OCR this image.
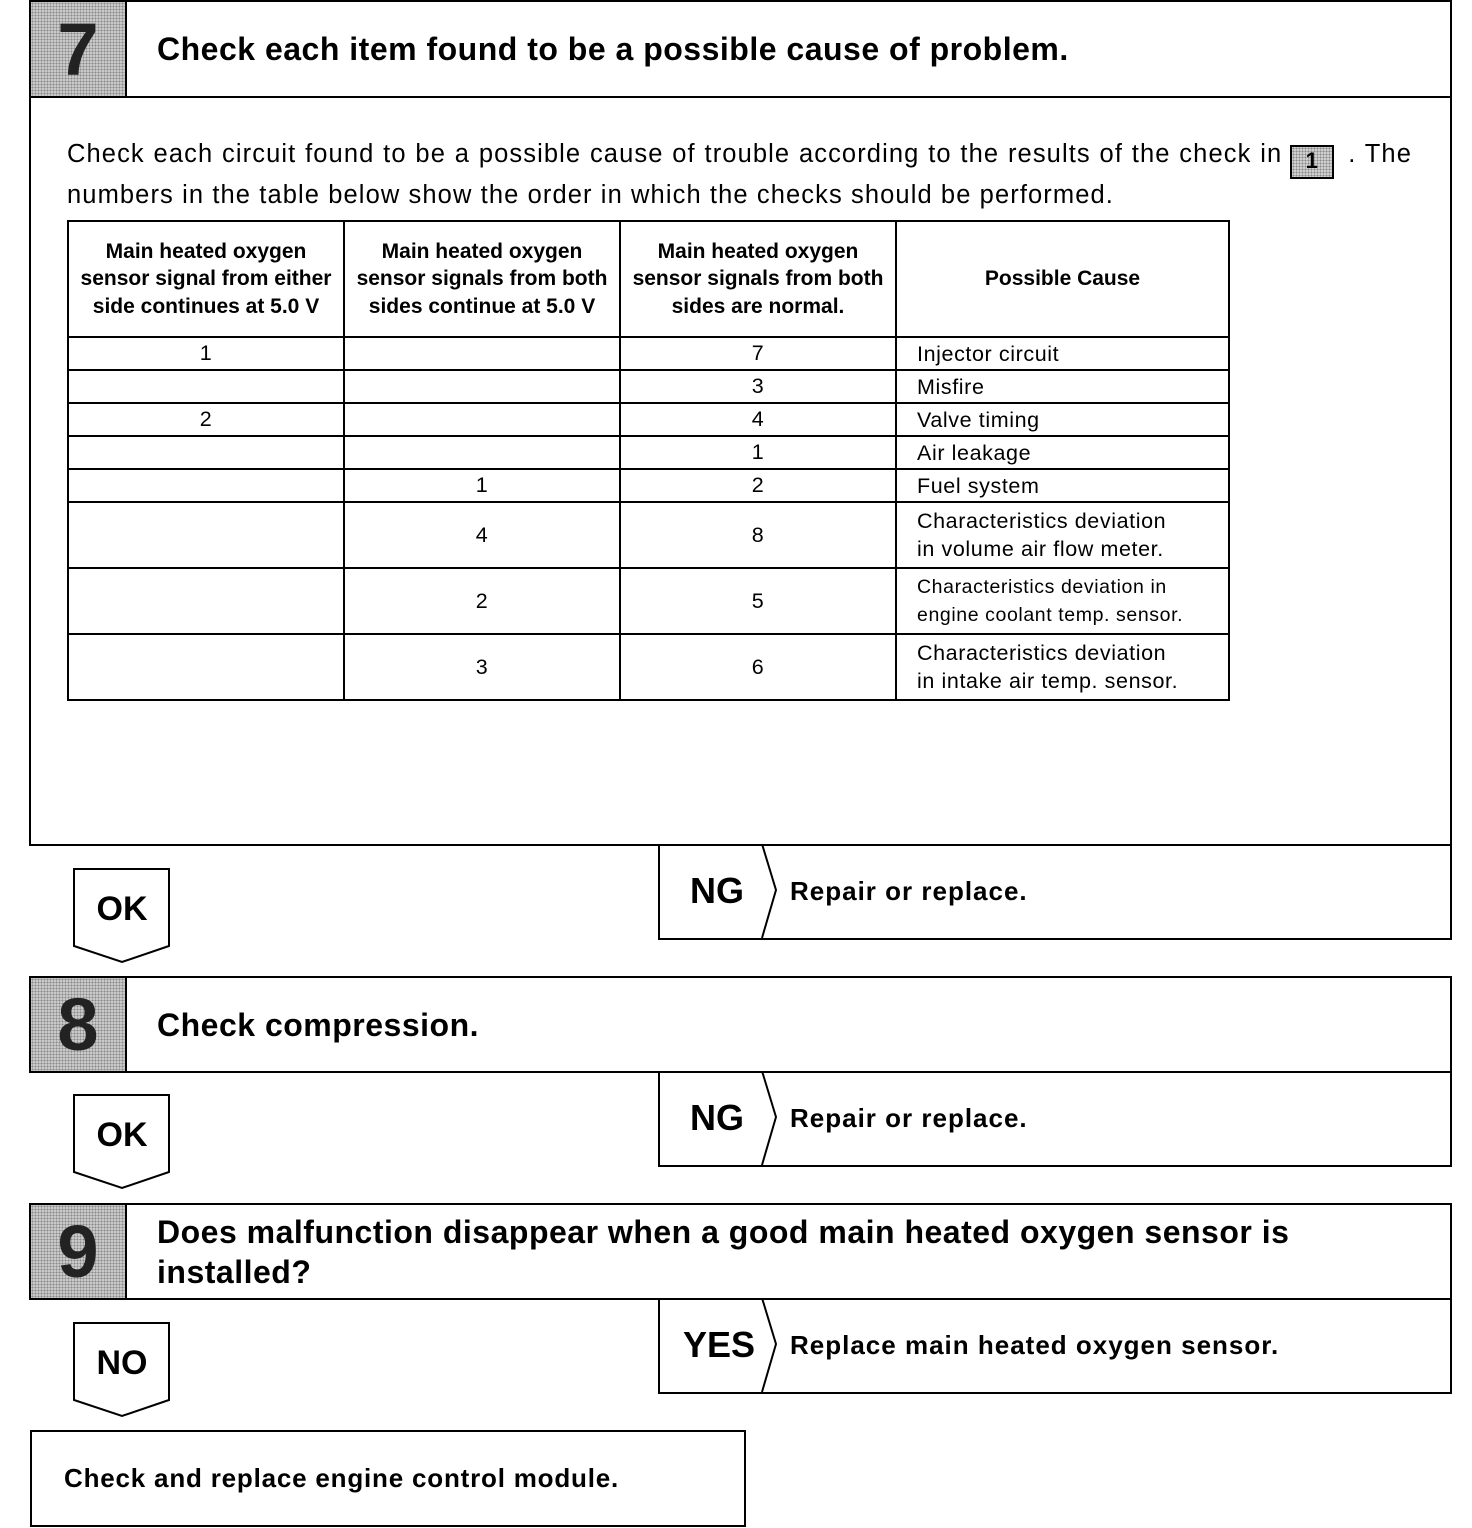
7	Check each item found to be a possible cause of problem.
Check each circuit found to be a possible cause of trouble according to the results of the check in 1 . The numbers in the table below show the order in which the checks should be performed.
Main heated oxygen sensor signal from either side continues at 5.0 V	Main heated oxygen sensor signals from both sides continue at 5.0 V	Main heated oxygen sensor signals from both sides are normal.	Possible Cause
1		7	Injector circuit
		3	Misfire
2		4	Valve timing
		1	Air leakage
	1	2	Fuel system
	4	8	Characteristics deviation
in volume air flow meter.

	2	5	Characteristics deviation in
engine coolant temp. sensor.

	3	6	Characteristics deviation
in intake air temp. sensor.
OK	NG	Repair or replace.
8	Check compression.
OK	NG	Repair or replace.
9	Does malfunction disappear when a good main heated oxygen sensor is
installed?
NO	YES	Replace main heated oxygen sensor.
Check and replace engine control module.
